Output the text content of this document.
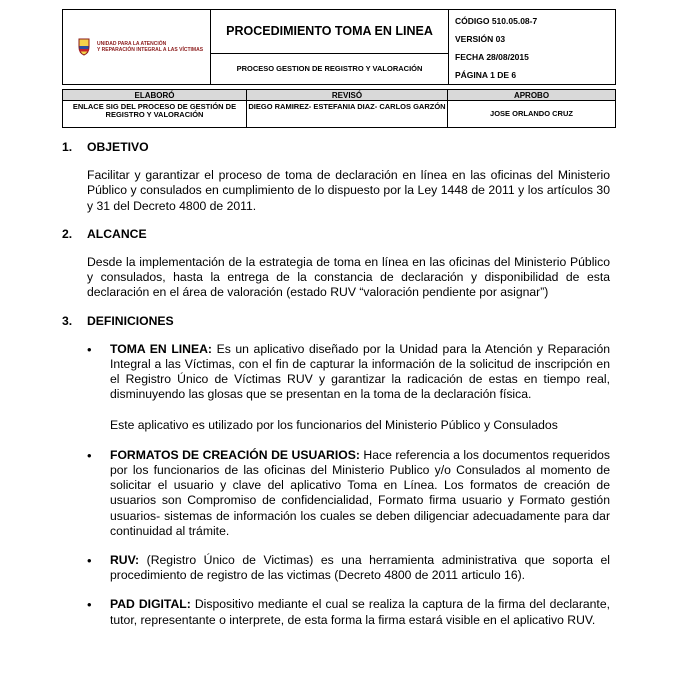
UNIDAD PARA LA ATENCIÓN
Y REPARACIÓN INTEGRAL A LAS VÍCTIMAS
	PROCEDIMIENTO TOMA EN LINEA	
CÓDIGO 510.05.08-7
VERSIÓN 03
FECHA 28/08/2015
PÁGINA 1 DE 6

PROCESO GESTION DE REGISTRO Y VALORACIÓN
ELABORÓ	REVISÓ	APROBO
ENLACE SIG DEL PROCESO DE GESTIÓN DE REGISTRO Y VALORACIÓN	DIEGO RAMIREZ- ESTEFANIA DIAZ- CARLOS GARZÓN	JOSE ORLANDO CRUZ
1.	OBJETIVO

Facilitar y garantizar el proceso de toma de declaración en línea en las oficinas del Ministerio Público y consulados en cumplimiento de lo dispuesto por la Ley 1448 de 2011 y los artículos 30 y 31 del Decreto 4800 de 2011.

2.	ALCANCE

Desde la implementación de la estrategia de toma en línea en las oficinas del Ministerio Público y consulados, hasta la entrega de la constancia de declaración y disponibilidad de esta declaración en el área de valoración (estado RUV “valoración pendiente por asignar”)

3.	DEFINICIONES
•	TOMA EN LINEA: Es un aplicativo diseñado por la Unidad para la Atención y Reparación Integral a las Víctimas, con el fin de capturar la información de la solicitud de inscripción en el Registro Único de Víctimas RUV y garantizar la radicación de estas en tiempo real, disminuyendo las glosas que se presentan en la toma de la declaración física.
Este aplicativo es utilizado por los funcionarios del Ministerio Público y Consulados
•	FORMATOS DE CREACIÓN DE USUARIOS: Hace referencia a los documentos requeridos por los funcionarios de las oficinas del Ministerio Publico y/o Consulados al momento de solicitar el usuario y clave del aplicativo Toma en Línea. Los formatos de creación de usuarios son Compromiso de confidencialidad, Formato firma usuario y Formato gestión usuarios- sistemas de información los cuales se deben diligenciar adecuadamente para dar continuidad al trámite.
•	RUV: (Registro Único de Victimas) es una herramienta administrativa que soporta el procedimiento de registro de las victimas (Decreto 4800 de 2011 articulo 16).
•	PAD DIGITAL: Dispositivo mediante el cual se realiza la captura de la firma del declarante, tutor, representante o interprete, de esta forma la firma estará visible en el aplicativo RUV.
